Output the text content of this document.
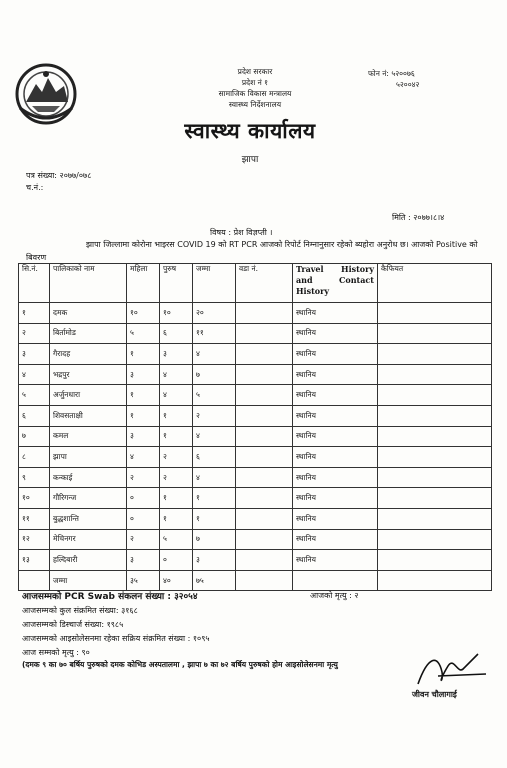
प्रदेश सरकार
प्रदेश नं १
सामाजिक विकास मन्त्रालय
स्वास्थ्य निर्देशनालय
फोन नं: ५२००७६
५२००४२
स्वास्थ्य कार्यालय
झापा
पत्र संख्या: २०७७/०७८
च.नं.:
मिति : २०७७।८।४
विषय : प्रेश विज्ञप्ती ।
झापा जिल्लामा कोरोना भाइरस COVID 19 को RT PCR आजको रिपोर्ट निम्नानुसार रहेको ब्यहोरा अनुरोध छ। आजको Positive को बिवरण
सि.नं.	पालिकाको नाम	महिला	पुरुष	जम्मा	वडा नं.	Travel History and Contact History	कैफियत
१	दमक	१०	१०	२०		स्थानिय	
२	बिर्तामोड	५	६	११		स्थानिय	
३	गैरादह	१	३	४		स्थानिय	
४	भद्रपुर	३	४	७		स्थानिय	
५	अर्जुनधारा	१	४	५		स्थानिय	
६	शिवसताक्षी	१	१	२		स्थानिय	
७	कमल	३	१	४		स्थानिय	
८	झापा	४	२	६		स्थानिय	
९	कन्काई	२	२	४		स्थानिय	
१०	गौरिगन्ज	०	१	१		स्थानिय	
११	बुद्धशान्ति	०	१	१		स्थानिय	
१२	मेचिनगर	२	५	७		स्थानिय	
१३	हल्दिबारी	३	०	३		स्थानिय	
	जम्मा	३५	४०	७५			
आजसम्मको PCR Swab संकलन संख्या : ३२०५४
आजसम्मको कुल संक्रमित संख्या: ३१६८
आजसम्मको डिस्चार्ज संख्या: १९८५
आजसम्मको आइसोलेसनमा रहेका सक्रिय संक्रमित संख्या : १०९५
आज सम्मको मृत्यु : ९०
आजको मृत्यु : २
(दमक ९ का ७० बर्षिय पुरुषको दमक कोभिड अस्पतालमा , झापा ७ का ७२ बर्षिय पुरुषको होम आइसोलेसनमा मृत्यु
जीवन चौलागाई
